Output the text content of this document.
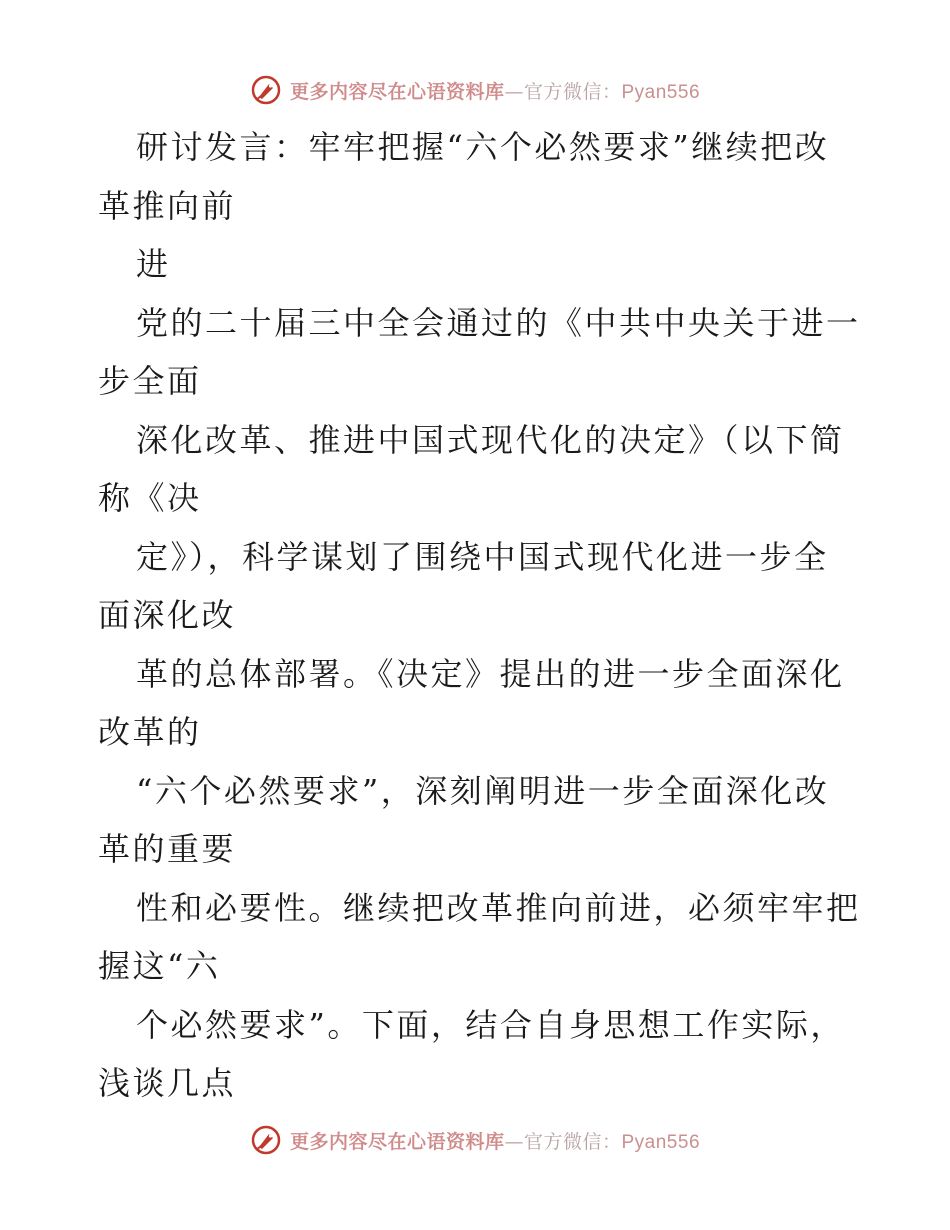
更多内容尽在心语资料库—官方微信：Pyan556
研讨发言：牢牢把握“六个必然要求”继续把改
革推向前
进
党的二十届三中全会通过的《中共中央关于进一
步全面
深化改革、推进中国式现代化的决定》（以下简
称《决
定》），科学谋划了围绕中国式现代化进一步全
面深化改
革的总体部署。《决定》提出的进一步全面深化
改革的
“六个必然要求”，深刻阐明进一步全面深化改
革的重要
性和必要性。继续把改革推向前进，必须牢牢把
握这“六
个必然要求”。下面，结合自身思想工作实际，
浅谈几点
更多内容尽在心语资料库—官方微信：Pyan556
